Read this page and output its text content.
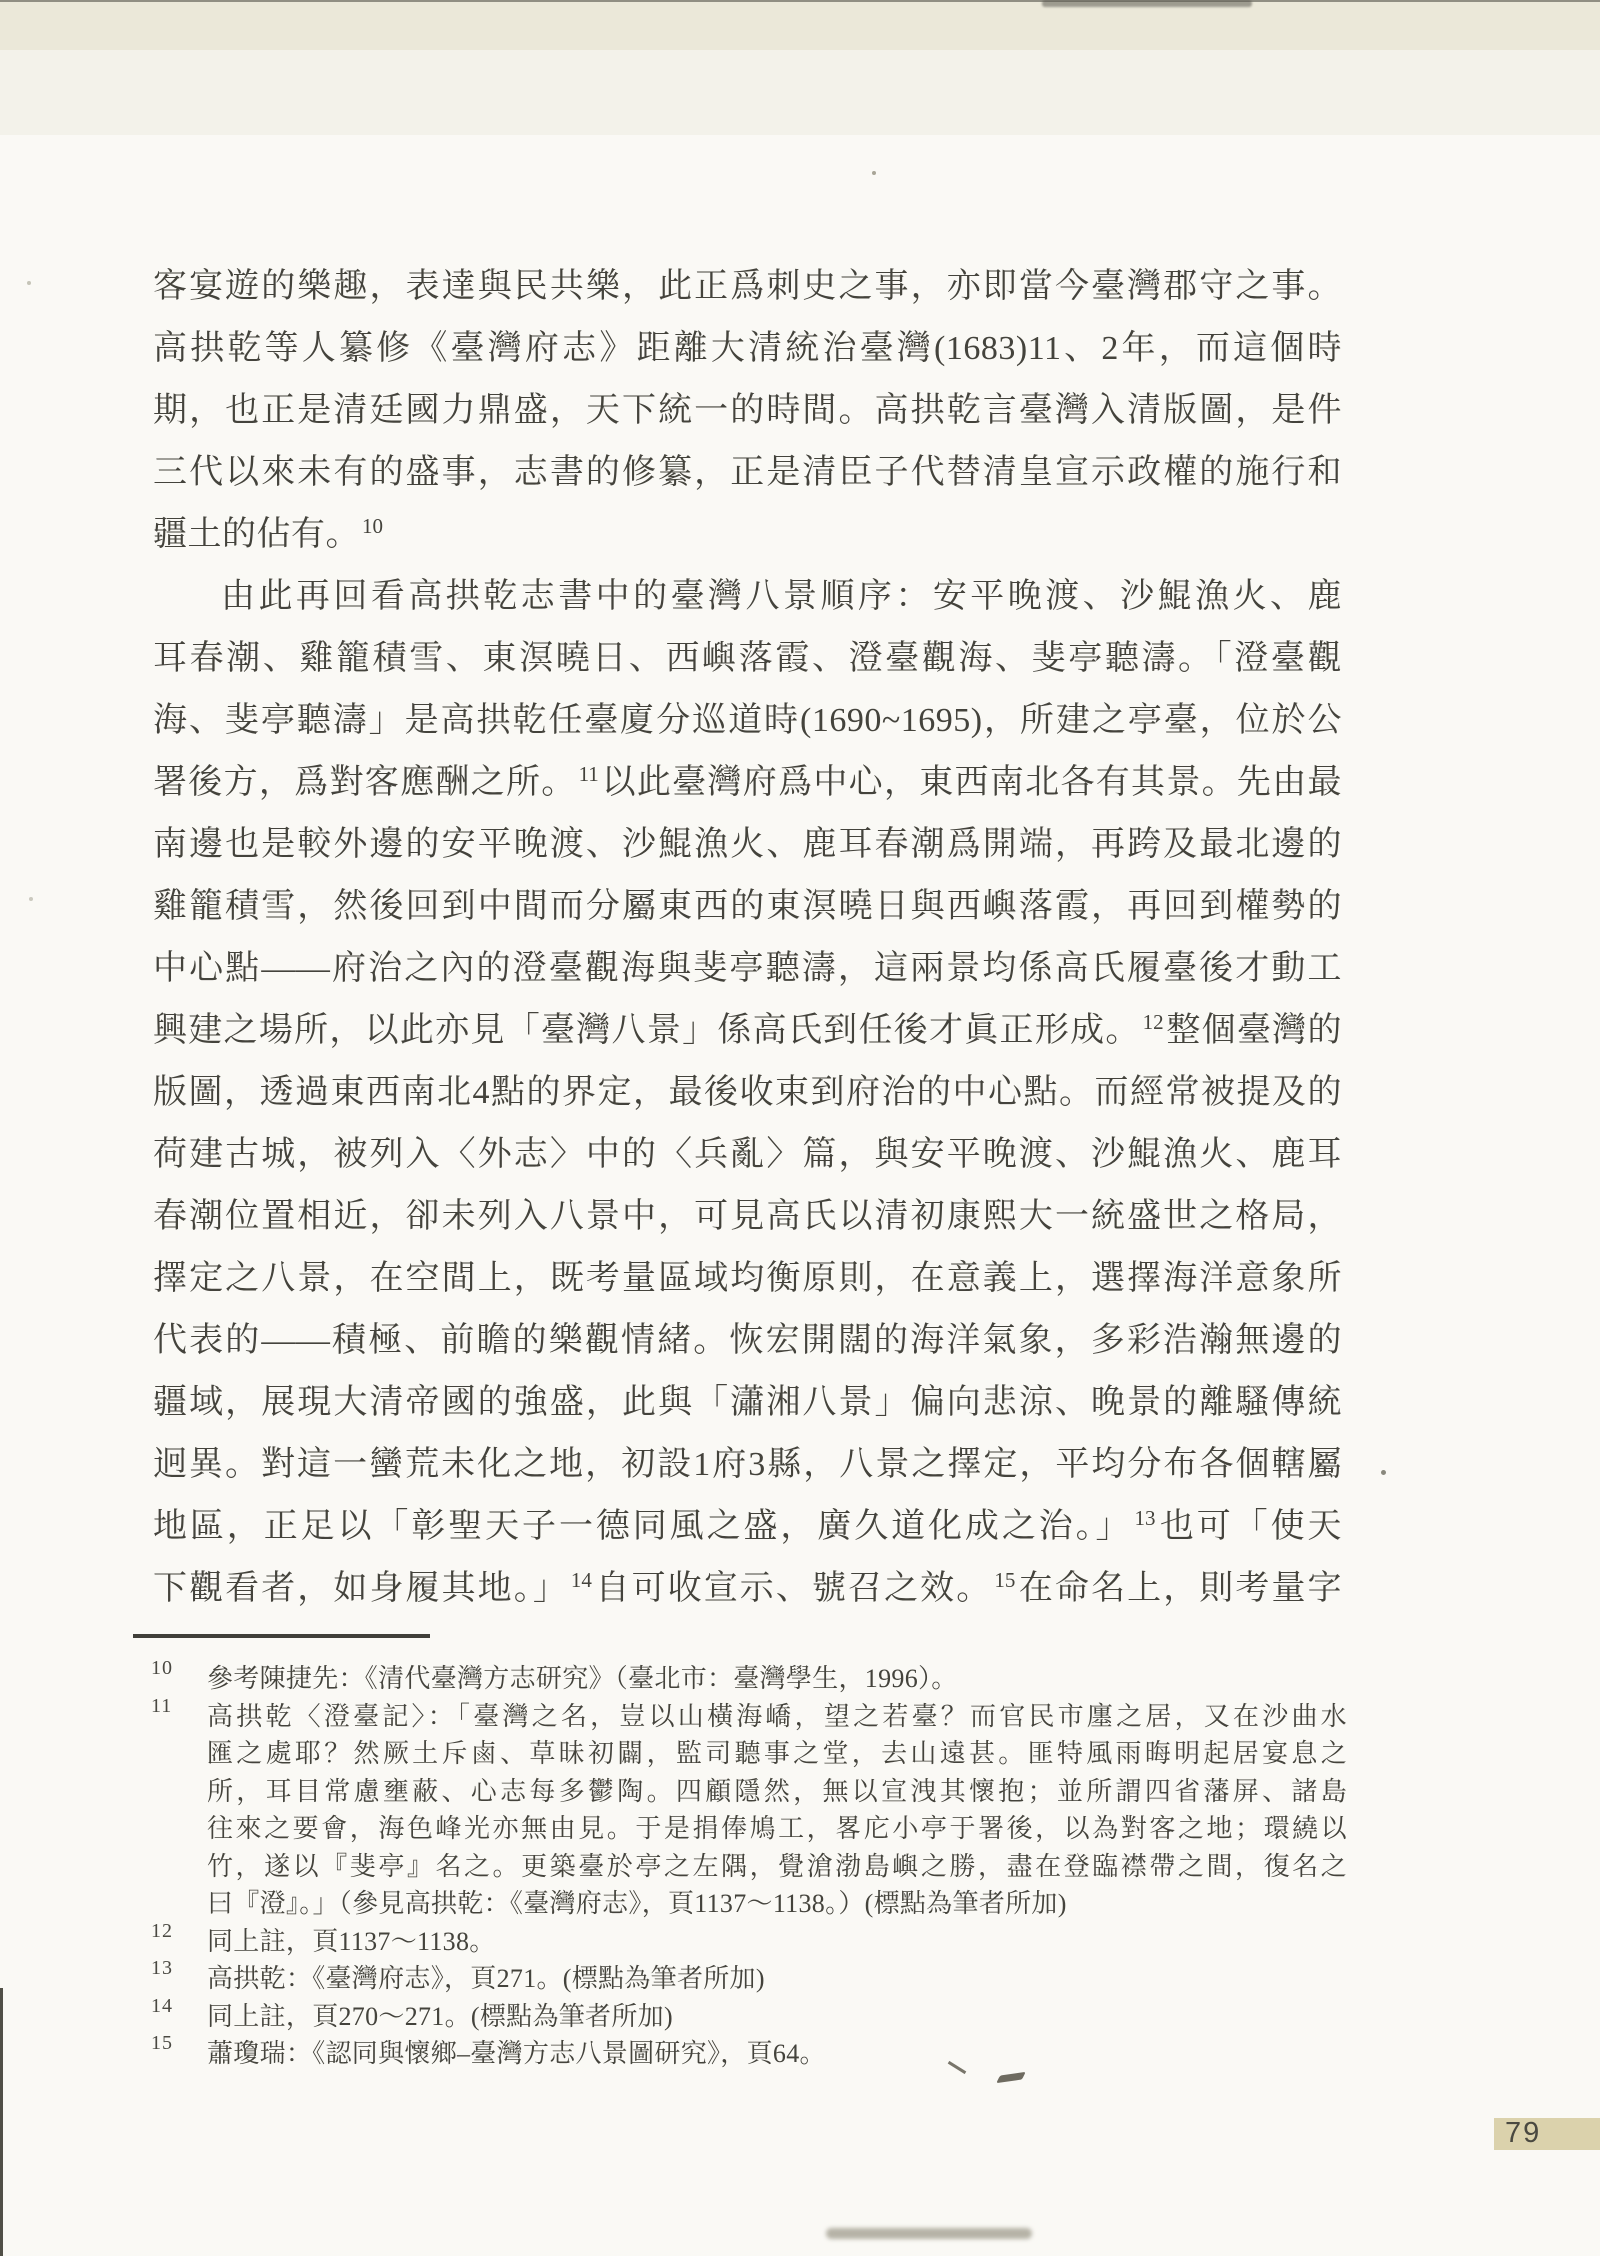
客宴遊的樂趣，表達與民共樂，此正爲刺史之事，亦即當今臺灣郡守之事。
高拱乾等人纂修《臺灣府志》距離大清統治臺灣(1683)11、2年，而這個時
期，也正是清廷國力鼎盛，天下統一的時間。高拱乾言臺灣入清版圖，是件
三代以來未有的盛事，志書的修纂，正是清臣子代替清皇宣示政權的施行和
疆土的佔有。$^{10}$
由此再回看高拱乾志書中的臺灣八景順序：安平晚渡、沙鯤漁火、鹿
耳春潮、雞籠積雪、東溟曉日、西嶼落霞、澄臺觀海、斐亭聽濤。「澄臺觀
海、斐亭聽濤」是高拱乾任臺廈分巡道時(1690~1695)，所建之亭臺，位於公
署後方，爲對客應酬之所。$^{11}$以此臺灣府爲中心，東西南北各有其景。先由最
南邊也是較外邊的安平晚渡、沙鯤漁火、鹿耳春潮爲開端，再跨及最北邊的
雞籠積雪，然後回到中間而分屬東西的東溟曉日與西嶼落霞，再回到權勢的
中心點——府治之內的澄臺觀海與斐亭聽濤，這兩景均係高氏履臺後才動工
興建之場所，以此亦見「臺灣八景」係高氏到任後才眞正形成。$^{12}$整個臺灣的
版圖，透過東西南北4點的界定，最後收束到府治的中心點。而經常被提及的
荷建古城，被列入〈外志〉中的〈兵亂〉篇，與安平晚渡、沙鯤漁火、鹿耳
春潮位置相近，卻未列入八景中，可見高氏以清初康熙大一統盛世之格局，
擇定之八景，在空間上，既考量區域均衡原則，在意義上，選擇海洋意象所
代表的——積極、前瞻的樂觀情緒。恢宏開闊的海洋氣象，多彩浩瀚無邊的
疆域，展現大清帝國的強盛，此與「瀟湘八景」偏向悲涼、晚景的離騷傳統
迥異。對這一蠻荒未化之地，初設1府3縣，八景之擇定，平均分布各個轄屬
地區，正足以「彰聖天子一德同風之盛，廣久道化成之治。」$^{13}$也可「使天
下觀看者，如身履其地。」$^{14}$自可收宣示、號召之效。$^{15}$在命名上，則考量字
10 參考陳捷先：《清代臺灣方志研究》（臺北市：臺灣學生，1996）。
11 高拱乾〈澄臺記〉：「臺灣之名，豈以山橫海嶠，望之若臺？而官民市廛之居，又在沙曲水
匯之處耶？然厥土斥鹵、草昧初闢，監司聽事之堂，去山遠甚。匪特風雨晦明起居宴息之
所，耳目常慮壅蔽、心志每多鬱陶。四顧隱然，無以宣洩其懷抱；並所謂四省藩屏、諸島
往來之要會，海色峰光亦無由見。于是捐俸鳩工，畧庀小亭于署後，以為對客之地；環繞以
竹，遂以『斐亭』名之。更築臺於亭之左隅，覺滄渤島嶼之勝，盡在登臨襟帶之間，復名之
曰『澄』。」（參見高拱乾：《臺灣府志》，頁1137～1138。）(標點為筆者所加)
12 同上註，頁1137～1138。
13 高拱乾：《臺灣府志》，頁271。(標點為筆者所加)
14 同上註，頁270～271。(標點為筆者所加)
15 蕭瓊瑞：《認同與懷鄉–臺灣方志八景圖研究》，頁64。
79
